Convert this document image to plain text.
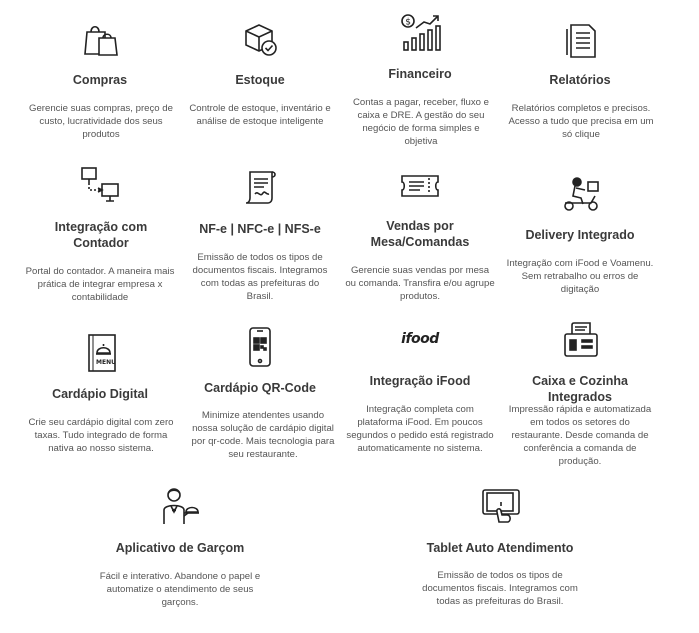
Compras
Gerencie suas compras, preço de custo, lucratividade dos seus produtos
Estoque
Controle de estoque, inventário e análise de estoque inteligente
$
Financeiro
Contas a pagar, receber, fluxo e caixa e DRE. A gestão do seu negócio de forma simples e objetiva
Relatórios
Relatórios completos e precisos. Acesso a tudo que precisa em um só clique
Integração com Contador
Portal do contador. A maneira mais prática de integrar empresa x contabilidade
NF-e | NFC-e | NFS-e
Emissão de todos os tipos de documentos fiscais. Integramos com todas as prefeituras do Brasil.
Vendas por Mesa/Comandas
Gerencie suas vendas por mesa ou comanda. Transfira e/ou agrupe produtos.
Delivery Integrado
Integração com iFood e Voamenu. Sem retrabalho ou erros de digitação
MENU
Cardápio Digital
Crie seu cardápio digital com zero taxas. Tudo integrado de forma nativa ao nosso sistema.
Cardápio QR-Code
Minimize atendentes usando nossa solução de cardápio digital por qr-code. Mais tecnologia para seu restaurante.
ifood
Integração iFood
Integração completa com plataforma iFood. Em poucos segundos o pedido está registrado automaticamente no sistema.
Caixa e Cozinha Integrados
Impressão rápida e automatizada em todos os setores do restaurante. Desde comanda de conferência a comanda de produção.
Aplicativo de Garçom
Fácil e interativo. Abandone o papel e automatize o atendimento de seus garçons.
Tablet Auto Atendimento
Emissão de todos os tipos de documentos fiscais. Integramos com todas as prefeituras do Brasil.
